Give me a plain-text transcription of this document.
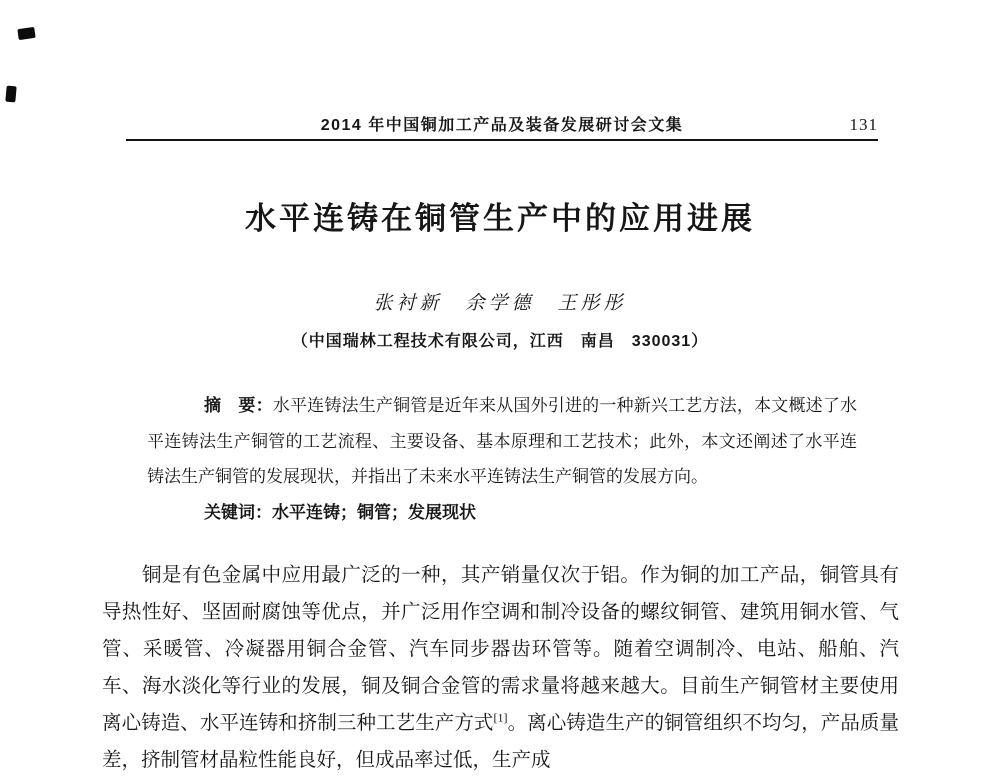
2014 年中国铜加工产品及装备发展研讨会文集	131
水平连铸在铜管生产中的应用进展
张衬新　余学德　王彤彤
（中国瑞林工程技术有限公司，江西　南昌　330031）

摘　要：水平连铸法生产铜管是近年来从国外引进的一种新兴工艺方法，本文概述了水平连铸法生产铜管的工艺流程、主要设备、基本原理和工艺技术；此外，本文还阐述了水平连铸法生产铜管的发展现状，并指出了未来水平连铸法生产铜管的发展方向。

关键词：水平连铸；铜管；发展现状

铜是有色金属中应用最广泛的一种，其产销量仅次于铝。作为铜的加工产品，铜管具有导热性好、坚固耐腐蚀等优点，并广泛用作空调和制冷设备的螺纹铜管、建筑用铜水管、气管、采暖管、冷凝器用铜合金管、汽车同步器齿环管等。随着空调制冷、电站、船舶、汽车、海水淡化等行业的发展，铜及铜合金管的需求量将越来越大。目前生产铜管材主要使用离心铸造、水平连铸和挤制三种工艺生产方式[1]。离心铸造生产的铜管组织不均匀，产品质量差，挤制管材晶粒性能良好，但成品率过低，生产成
